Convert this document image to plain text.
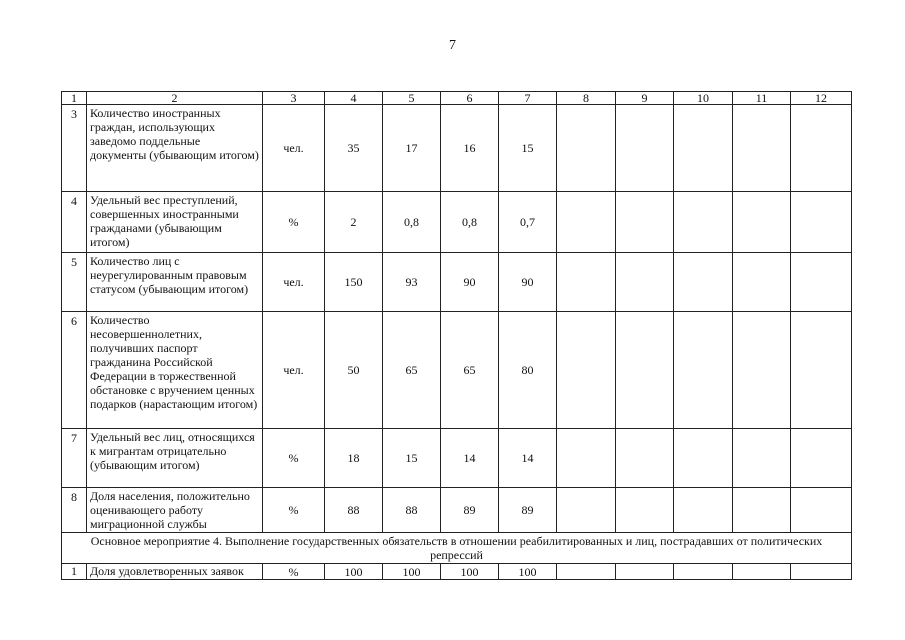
7
1	2	3	4	5	6	7	8	9	10	11	12
3	Количество иностранных граждан, использующих заведомо поддельные документы (убывающим итогом)	чел.	35	17	16	15					
4	Удельный вес преступлений, совершенных иностранными гражданами (убывающим итогом)	%	2	0,8	0,8	0,7					
5	Количество лиц с неурегулированным правовым статусом (убывающим итогом)	чел.	150	93	90	90					
6	Количество несовершеннолетних, получивших паспорт гражданина Российской Федерации в торжественной обстановке с вручением ценных подарков (нарастающим итогом)	чел.	50	65	65	80					
7	Удельный вес лиц, относящихся к мигрантам отрицательно (убывающим итогом)	%	18	15	14	14					
8	Доля населения, положительно оценивающего работу миграционной службы	%	88	88	89	89					
Основное мероприятие 4. Выполнение государственных обязательств в отношении реабилитированных и лиц, пострадавших от политических репрессий											
1	Доля удовлетворенных заявок	%	100	100	100	100					
